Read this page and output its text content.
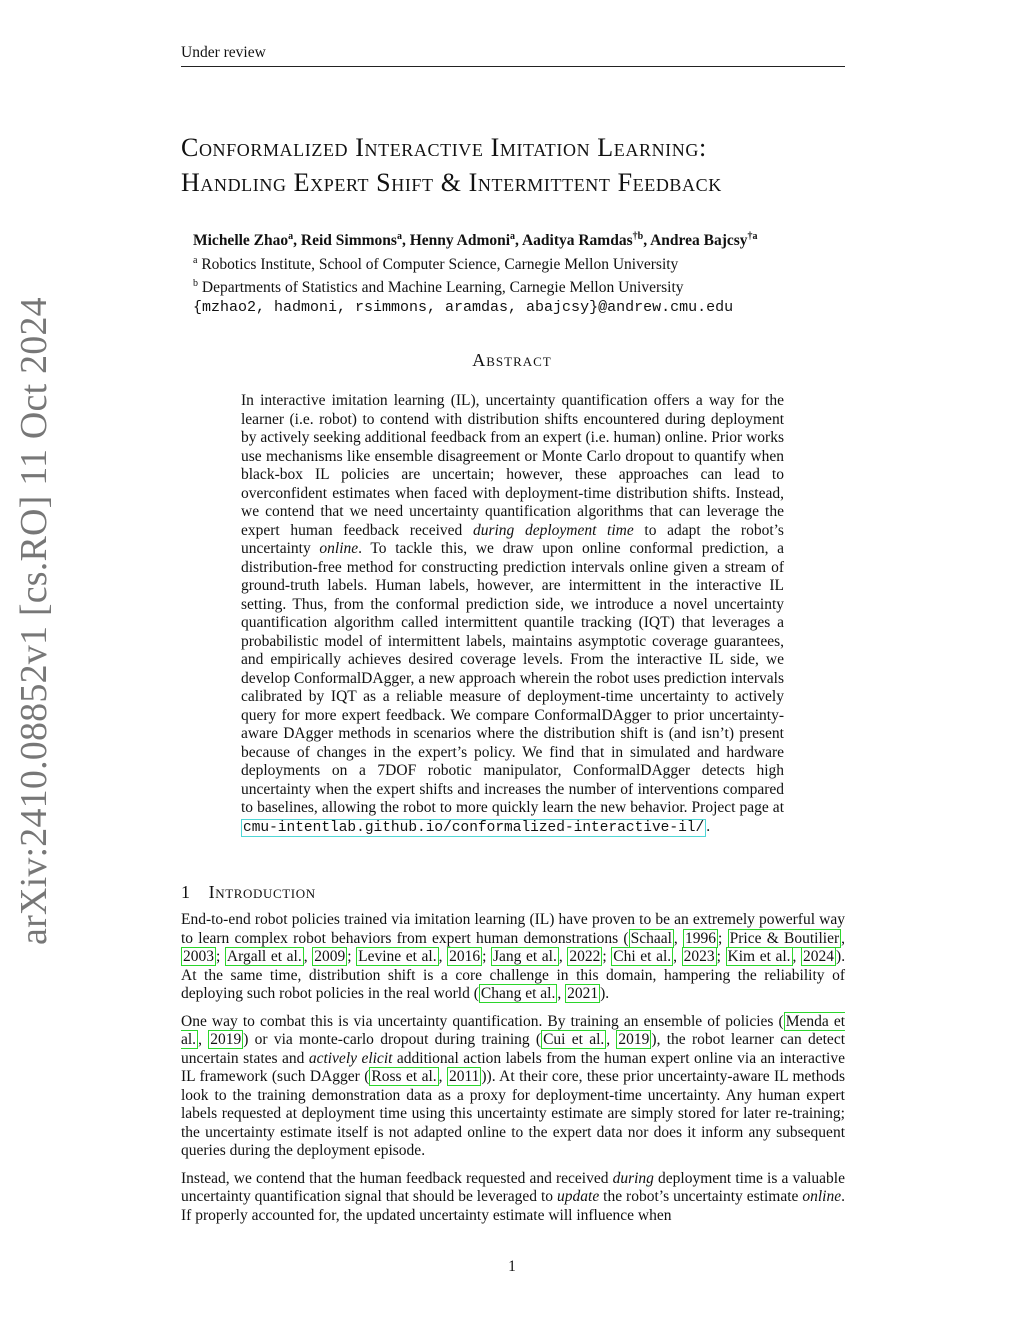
Under review
arXiv:2410.08852v1 [cs.RO] 11 Oct 2024
Conformalized Interactive Imitation Learning:
Handling Expert Shift & Intermittent Feedback
Michelle Zhao$^a$, Reid Simmons$^a$, Henny Admoni$^a$, Aaditya Ramdas$^{\dagger b}$, Andrea Bajcsy$^{\dagger a}$
$^a$ Robotics Institute, School of Computer Science, Carnegie Mellon University
$^b$ Departments of Statistics and Machine Learning, Carnegie Mellon University
{mzhao2, hadmoni, rsimmons, aramdas, abajcsy}@andrew.cmu.edu
Abstract
In interactive imitation learning (IL), uncertainty quantification offers a way for the learner (i.e. robot) to contend with distribution shifts encountered during deployment by actively seeking additional feedback from an expert (i.e. human) online. Prior works use mechanisms like ensemble disagreement or Monte Carlo dropout to quantify when black-box IL policies are uncertain; however, these approaches can lead to overconfident estimates when faced with deployment-time distribution shifts. Instead, we contend that we need uncertainty quantification algorithms that can leverage the expert human feedback received during deployment time to adapt the robot’s uncertainty online. To tackle this, we draw upon online conformal prediction, a distribution-free method for constructing prediction intervals online given a stream of ground-truth labels. Human labels, however, are intermittent in the interactive IL setting. Thus, from the conformal prediction side, we introduce a novel uncertainty quantification algorithm called intermittent quantile tracking (IQT) that leverages a probabilistic model of intermittent labels, maintains asymptotic coverage guarantees, and empirically achieves desired coverage levels. From the interactive IL side, we develop ConformalDAgger, a new approach wherein the robot uses prediction intervals calibrated by IQT as a reliable measure of deployment-time uncertainty to actively query for more expert feedback. We compare ConformalDAgger to prior uncertainty-aware DAgger methods in scenarios where the distribution shift is (and isn’t) present because of changes in the expert’s policy. We find that in simulated and hardware deployments on a 7DOF robotic manipulator, ConformalDAgger detects high uncertainty when the expert shifts and increases the number of interventions compared to baselines, allowing the robot to more quickly learn the new behavior. Project page at cmu-intentlab.github.io/conformalized-interactive-il/ .
1 Introduction

End-to-end robot policies trained via imitation learning (IL) have proven to be an extremely powerful way to learn complex robot behaviors from expert human demonstrations ( Schaal , 1996 ; Price & Boutilier , 2003 ; Argall et al. , 2009 ; Levine et al. , 2016 ; Jang et al. , 2022 ; Chi et al. , 2023 ; Kim et al. , 2024 ). At the same time, distribution shift is a core challenge in this domain, hampering the reliability of deploying such robot policies in the real world ( Chang et al. , 2021 ).

One way to combat this is via uncertainty quantification. By training an ensemble of policies ( Menda et al. , 2019 ) or via monte-carlo dropout during training ( Cui et al. , 2019 ), the robot learner can detect uncertain states and actively elicit additional action labels from the human expert online via an interactive IL framework (such DAgger ( Ross et al. , 2011 )). At their core, these prior uncertainty-aware IL methods look to the training demonstration data as a proxy for deployment-time uncertainty. Any human expert labels requested at deployment time using this uncertainty estimate are simply stored for later re-training; the uncertainty estimate itself is not adapted online to the expert data nor does it inform any subsequent queries during the deployment episode.

Instead, we contend that the human feedback requested and received during deployment time is a valuable uncertainty quantification signal that should be leveraged to update the robot’s uncertainty estimate online. If properly accounted for, the updated uncertainty estimate will influence when

1
